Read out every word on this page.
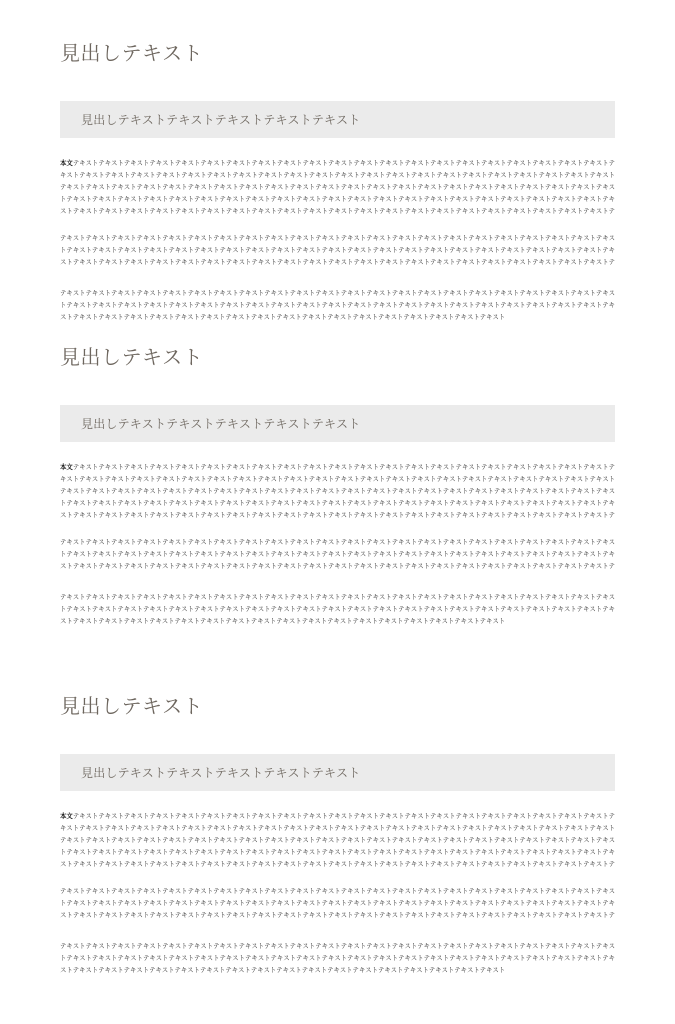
見出しテキスト
見出しテキストテキストテキストテキストテキスト

本文テキストテキストテキストテキストテキストテキストテキストテキストテキストテキストテキストテキストテキストテキストテキストテキストテキストテキストテキストテキストテキストテキストテキストテキストテキストテキストテキストテキストテキストテキストテキストテキストテキストテキストテキストテキストテキストテキストテキストテキストテキストテキストテキストテキストテキストテキストテキストテキストテキストテキストテキストテキストテキストテキストテキストテキストテキストテキストテキストテキストテキストテキストテキストテキストテキストテキストテキストテキストテキストテキストテキストテキストテキストテキストテキストテキストテキストテキストテキストテキストテキストテキストテキストテキストテキストテキストテキストテキストテキストテキストテキストテキストテキストテキストテキストテキストテキストテキストテキストテキストテキストテキストテキストテキストテキストテキストテキストテキストテ

テキストテキストテキストテキストテキストテキストテキストテキストテキストテキストテキストテキストテキストテキストテキストテキストテキストテキストテキストテキストテキストテキストテキストテキストテキストテキストテキストテキストテキストテキストテキストテキストテキストテキストテキストテキストテキストテキストテキストテキストテキストテキストテキストテキストテキストテキストテキストテキストテキストテキストテキストテキストテキストテキストテキストテキストテキストテキストテキストテキストテキストテキストテキストテキストテキストテ

テキストテキストテキストテキストテキストテキストテキストテキストテキストテキストテキストテキストテキストテキストテキストテキストテキストテキストテキストテキストテキストテキストテキストテキストテキストテキストテキストテキストテキストテキストテキストテキストテキストテキストテキストテキストテキストテキストテキストテキストテキストテキストテキストテキストテキストテキストテキストテキストテキストテキストテキストテキストテキストテキストテキストテキストテキストテキストテキストテキストテキスト

見出しテキスト
見出しテキストテキストテキストテキストテキスト

本文テキストテキストテキストテキストテキストテキストテキストテキストテキストテキストテキストテキストテキストテキストテキストテキストテキストテキストテキストテキストテキストテキストテキストテキストテキストテキストテキストテキストテキストテキストテキストテキストテキストテキストテキストテキストテキストテキストテキストテキストテキストテキストテキストテキストテキストテキストテキストテキストテキストテキストテキストテキストテキストテキストテキストテキストテキストテキストテキストテキストテキストテキストテキストテキストテキストテキストテキストテキストテキストテキストテキストテキストテキストテキストテキストテキストテキストテキストテキストテキストテキストテキストテキストテキストテキストテキストテキストテキストテキストテキストテキストテキストテキストテキストテキストテキストテキストテキストテキストテキストテキストテキストテキストテキストテキストテキストテキストテキストテ

テキストテキストテキストテキストテキストテキストテキストテキストテキストテキストテキストテキストテキストテキストテキストテキストテキストテキストテキストテキストテキストテキストテキストテキストテキストテキストテキストテキストテキストテキストテキストテキストテキストテキストテキストテキストテキストテキストテキストテキストテキストテキストテキストテキストテキストテキストテキストテキストテキストテキストテキストテキストテキストテキストテキストテキストテキストテキストテキストテキストテキストテキストテキストテキストテキストテ

テキストテキストテキストテキストテキストテキストテキストテキストテキストテキストテキストテキストテキストテキストテキストテキストテキストテキストテキストテキストテキストテキストテキストテキストテキストテキストテキストテキストテキストテキストテキストテキストテキストテキストテキストテキストテキストテキストテキストテキストテキストテキストテキストテキストテキストテキストテキストテキストテキストテキストテキストテキストテキストテキストテキストテキストテキストテキストテキストテキストテキスト

見出しテキスト
見出しテキストテキストテキストテキストテキスト

本文テキストテキストテキストテキストテキストテキストテキストテキストテキストテキストテキストテキストテキストテキストテキストテキストテキストテキストテキストテキストテキストテキストテキストテキストテキストテキストテキストテキストテキストテキストテキストテキストテキストテキストテキストテキストテキストテキストテキストテキストテキストテキストテキストテキストテキストテキストテキストテキストテキストテキストテキストテキストテキストテキストテキストテキストテキストテキストテキストテキストテキストテキストテキストテキストテキストテキストテキストテキストテキストテキストテキストテキストテキストテキストテキストテキストテキストテキストテキストテキストテキストテキストテキストテキストテキストテキストテキストテキストテキストテキストテキストテキストテキストテキストテキストテキストテキストテキストテキストテキストテキストテキストテキストテキストテキストテキストテキストテキストテ

テキストテキストテキストテキストテキストテキストテキストテキストテキストテキストテキストテキストテキストテキストテキストテキストテキストテキストテキストテキストテキストテキストテキストテキストテキストテキストテキストテキストテキストテキストテキストテキストテキストテキストテキストテキストテキストテキストテキストテキストテキストテキストテキストテキストテキストテキストテキストテキストテキストテキストテキストテキストテキストテキストテキストテキストテキストテキストテキストテキストテキストテキストテキストテキストテキストテ

テキストテキストテキストテキストテキストテキストテキストテキストテキストテキストテキストテキストテキストテキストテキストテキストテキストテキストテキストテキストテキストテキストテキストテキストテキストテキストテキストテキストテキストテキストテキストテキストテキストテキストテキストテキストテキストテキストテキストテキストテキストテキストテキストテキストテキストテキストテキストテキストテキストテキストテキストテキストテキストテキストテキストテキストテキストテキストテキストテキストテキスト
